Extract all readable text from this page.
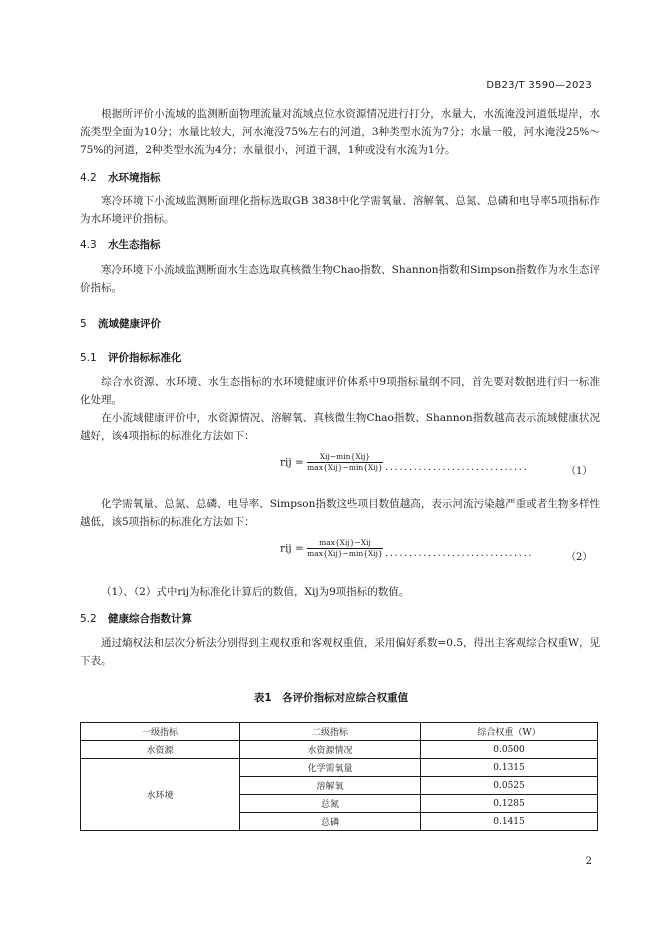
DB23/T 3590—2023
根据所评价小流域的监测断面物理流量对流域点位水资源情况进行打分，水量大，水流淹没河道低堤岸，水流类型全面为10分；水量比较大，河水淹没75%左右的河道，3种类型水流为7分；水量一般，河水淹没25%～75%的河道，2种类型水流为4分；水量很小，河道干涸，1种或没有水流为1分。
4.2 水环境指标
寒冷环境下小流域监测断面理化指标选取GB 3838中化学需氧量、溶解氧、总氮、总磷和电导率5项指标作为水环境评价指标。
4.3 水生态指标
寒冷环境下小流域监测断面水生态选取真核微生物Chao指数、Shannon指数和Simpson指数作为水生态评价指标。
5 流域健康评价
5.1 评价指标标准化
综合水资源、水环境、水生态指标的水环境健康评价体系中9项指标量纲不同，首先要对数据进行归一标准化处理。
在小流域健康评价中，水资源情况、溶解氧、真核微生物Chao指数、Shannon指数越高表示流域健康状况越好，该4项指标的标准化方法如下：
rij = $\frac{\text{Xij−min\{Xij\}}}{\text{max\{Xij\}−min\{Xij\}}}$ ..............................	（1）
化学需氧量、总氮、总磷、电导率、Simpson指数这些项目数值越高，表示河流污染越严重或者生物多样性越低，该5项指标的标准化方法如下：
rij = $\frac{\text{max\{Xij\}−Xij}}{\text{max\{Xij\}−min\{Xij\}}}$ ...............................	（2）
（1）、（2）式中rij为标准化计算后的数值，Xij为9项指标的数值。
5.2 健康综合指数计算
通过熵权法和层次分析法分别得到主观权重和客观权重值，采用偏好系数=0.5，得出主客观综合权重W，见下表。
表1　各评价指标对应综合权重值
一级指标	二级指标	综合权重（W）
水资源	水资源情况	0.0500
水环境	化学需氧量	0.1315
	溶解氧	0.0525
	总氮	0.1285
	总磷	0.1415
2
